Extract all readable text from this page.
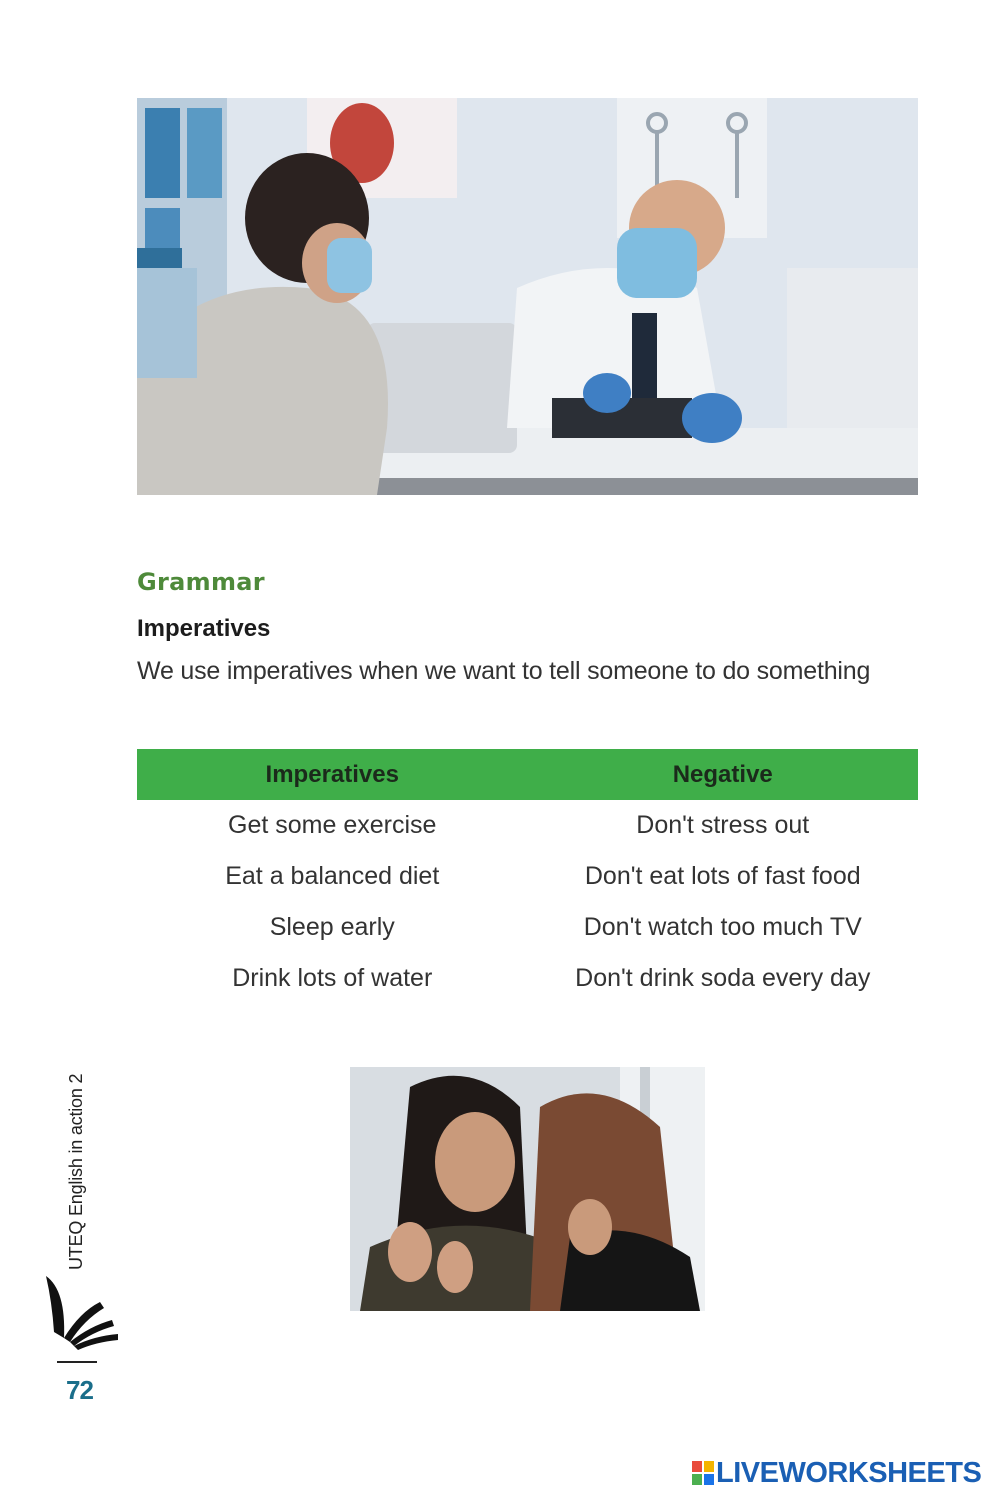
Grammar
Imperatives
We use imperatives when we want to tell someone to do something
Imperatives	Negative
Get some exercise	Don't stress out
Eat a balanced diet	Don't eat lots of fast food
Sleep early	Don't watch too much TV
Drink lots of water	Don't drink soda every day
UTEQ English in action 2
72
LIVEWORKSHEETS
